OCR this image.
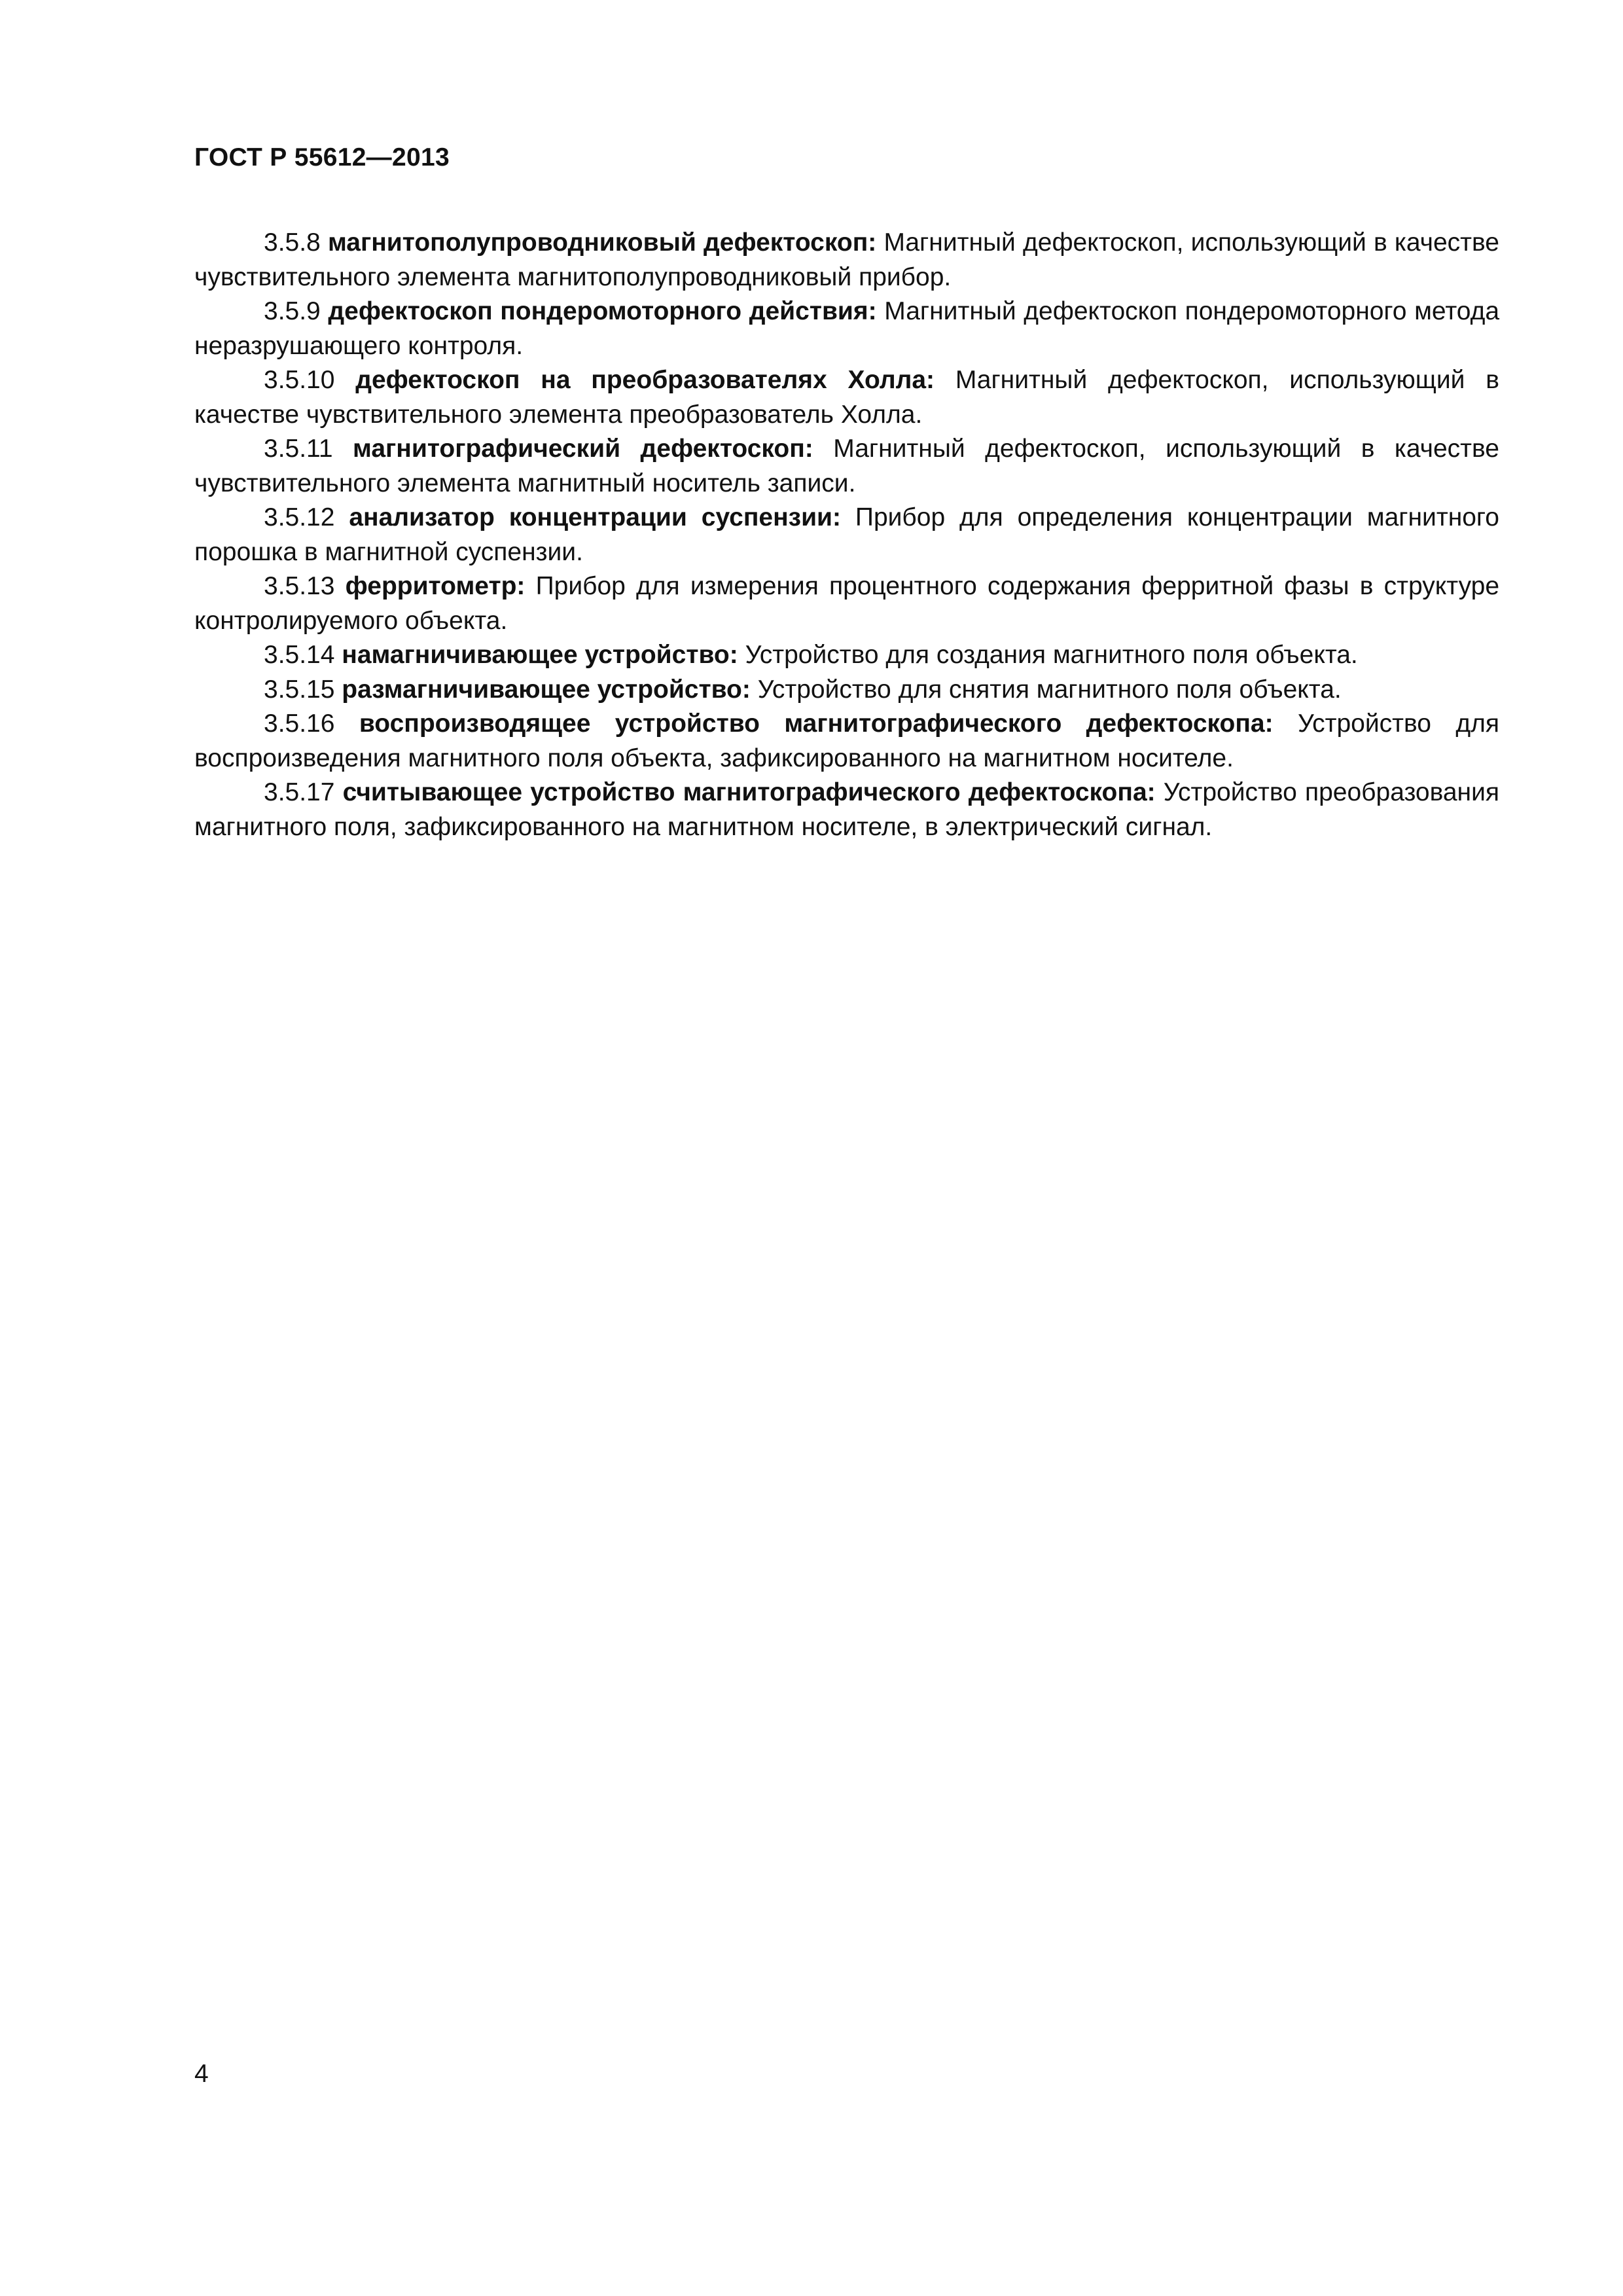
ГОСТ Р 55612—2013

3.5.8 магнитополупроводниковый дефектоскоп: Магнитный дефектоскоп, использующий в качестве чувствительного элемента магнитополупроводниковый прибор.

3.5.9 дефектоскоп пондеромоторного действия: Магнитный дефектоскоп пондеромоторного метода неразрушающего контроля.

3.5.10 дефектоскоп на преобразователях Холла: Магнитный дефектоскоп, использующий в качестве чувствительного элемента преобразователь Холла.

3.5.11 магнитографический дефектоскоп: Магнитный дефектоскоп, использующий в качестве чувствительного элемента магнитный носитель записи.

3.5.12 анализатор концентрации суспензии: Прибор для определения концентрации магнитного порошка в магнитной суспензии.

3.5.13 ферритометр: Прибор для измерения процентного содержания ферритной фазы в структуре контролируемого объекта.

3.5.14 намагничивающее устройство: Устройство для создания магнитного поля объекта.

3.5.15 размагничивающее устройство: Устройство для снятия магнитного поля объекта.

3.5.16 воспроизводящее устройство магнитографического дефектоскопа: Устройство для воспроизведения магнитного поля объекта, зафиксированного на магнитном носителе.

3.5.17 считывающее устройство магнитографического дефектоскопа: Устройство преобразования магнитного поля, зафиксированного на магнитном носителе, в электрический сигнал.

4
